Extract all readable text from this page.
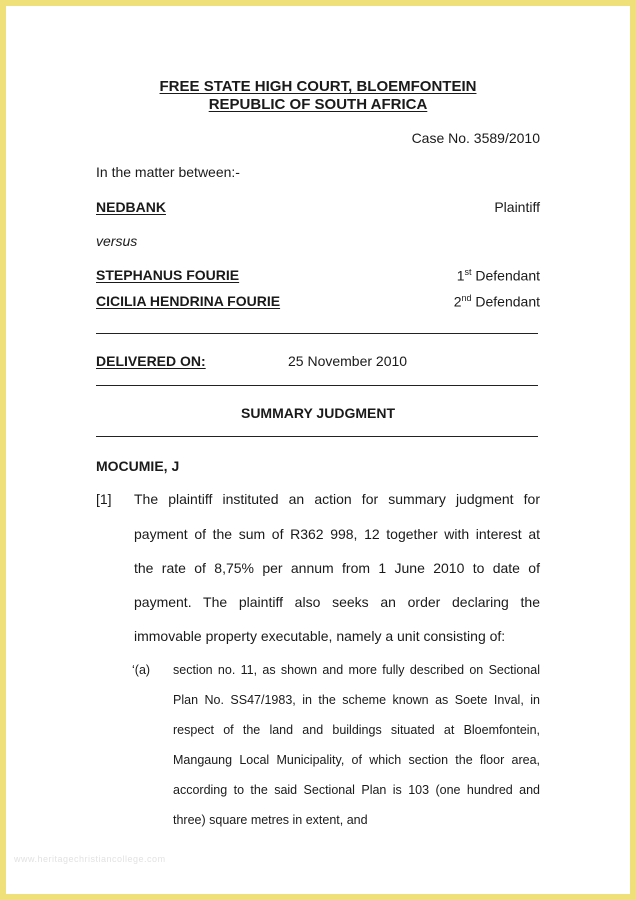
FREE STATE HIGH COURT, BLOEMFONTEIN
REPUBLIC OF SOUTH AFRICA
Case No. 3589/2010
In the matter between:-
NEDBANK	Plaintiff
versus
STEPHANUS FOURIE	1st Defendant
CICILIA HENDRINA FOURIE	2nd Defendant
DELIVERED ON:	25 November 2010
SUMMARY JUDGMENT
MOCUMIE, J
[1] The plaintiff instituted an action for summary judgment for
payment of the sum of R362 998, 12 together with interest at
the rate of 8,75% per annum from 1 June 2010 to date of
payment. The plaintiff also seeks an order declaring the
immovable property executable, namely a unit consisting of:
‘(a) section no. 11, as shown and more fully described on Sectional
Plan No. SS47/1983, in the scheme known as Soete Inval, in
respect of the land and buildings situated at Bloemfontein,
Mangaung Local Municipality, of which section the floor area,
according to the said Sectional Plan is 103 (one hundred and
three) square metres in extent, and
www.heritagechristiancollege.com
